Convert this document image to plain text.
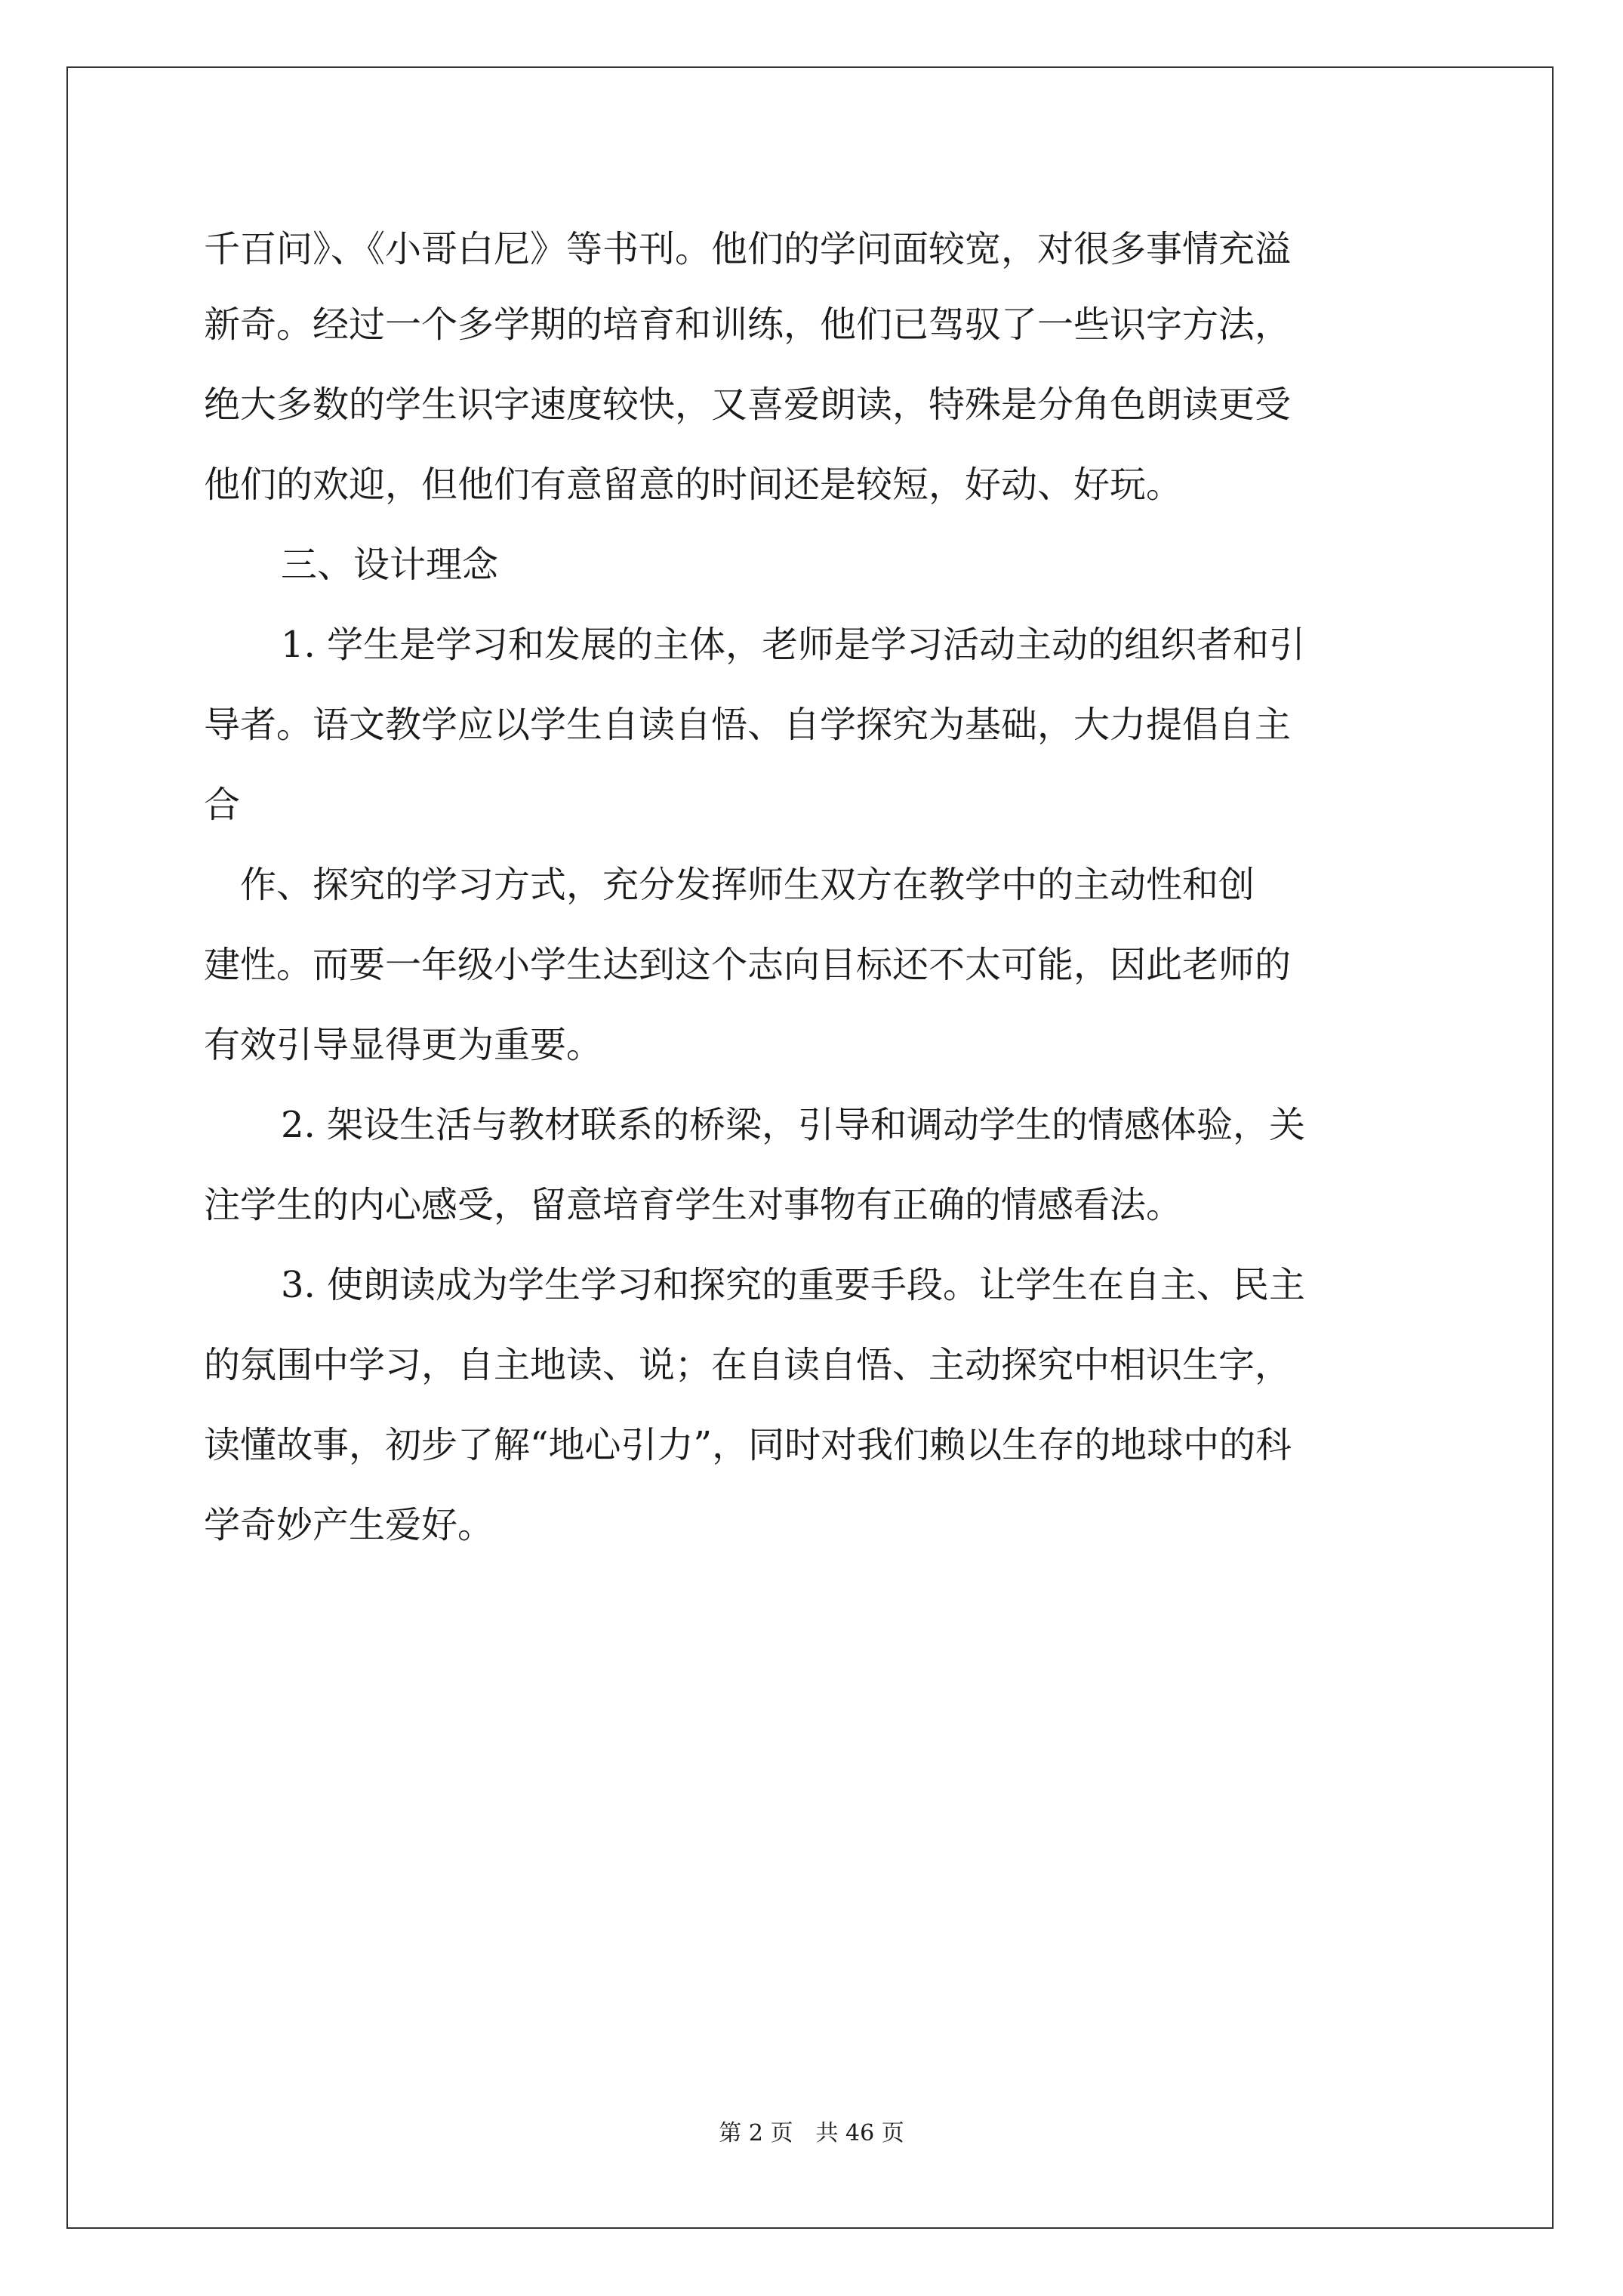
千百问》、《小哥白尼》等书刊。他们的学问面较宽，对很多事情充溢
新奇。经过一个多学期的培育和训练，他们已驾驭了一些识字方法，
绝大多数的学生识字速度较快，又喜爱朗读，特殊是分角色朗读更受
他们的欢迎，但他们有意留意的时间还是较短，好动、好玩。
三、设计理念
1. 学生是学习和发展的主体，老师是学习活动主动的组织者和引
导者。语文教学应以学生自读自悟、自学探究为基础，大力提倡自主
合
作、探究的学习方式，充分发挥师生双方在教学中的主动性和创
建性。而要一年级小学生达到这个志向目标还不太可能，因此老师的
有效引导显得更为重要。
2. 架设生活与教材联系的桥梁，引导和调动学生的情感体验，关
注学生的内心感受，留意培育学生对事物有正确的情感看法。
3. 使朗读成为学生学习和探究的重要手段。让学生在自主、民主
的氛围中学习，自主地读、说；在自读自悟、主动探究中相识生字，
读懂故事，初步了解“地心引力”，同时对我们赖以生存的地球中的科
学奇妙产生爱好。
第 2 页　共 46 页
